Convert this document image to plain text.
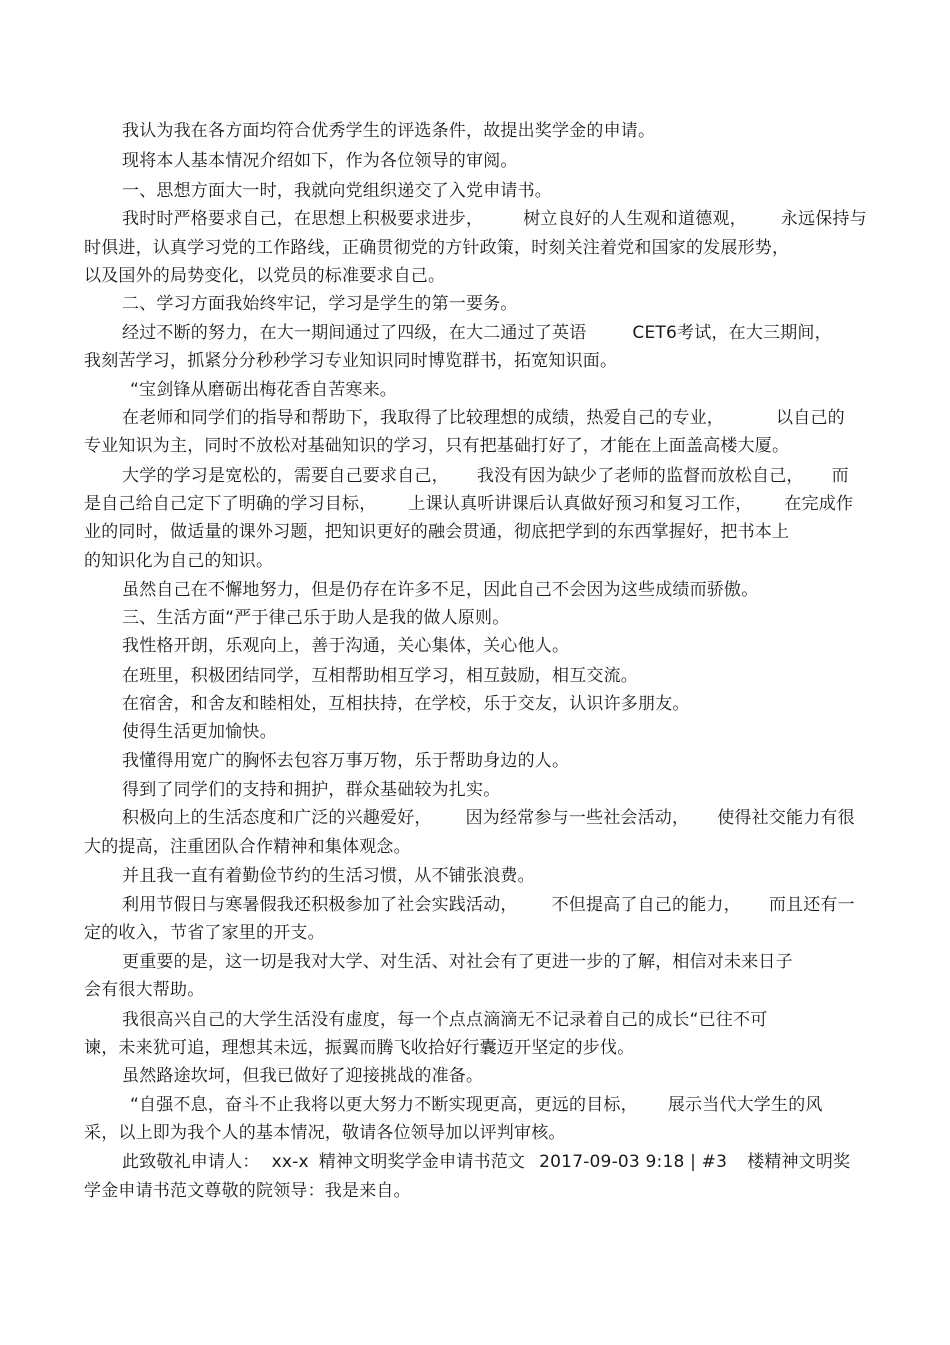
我认为我在各方面均符合优秀学生的评选条件，故提出奖学金的申请。
现将本人基本情况介绍如下，作为各位领导的审阅。
一、思想方面大一时，我就向党组织递交了入党申请书。
我时时严格要求自己，在思想上积极要求进步， 树立良好的人生观和道德观， 永远保持与
时俱进，认真学习党的工作路线，正确贯彻党的方针政策，时刻关注着党和国家的发展形势，
以及国外的局势变化，以党员的标准要求自己。
二、学习方面我始终牢记，学习是学生的第一要务。
经过不断的努力，在大一期间通过了四级，在大二通过了英语	CET6考试，在大三期间，
我刻苦学习，抓紧分分秒秒学习专业知识同时博览群书，拓宽知识面。
“宝剑锋从磨砺出梅花香自苦寒来。
在老师和同学们的指导和帮助下，我取得了比较理想的成绩，热爱自己的专业，	以自己的
专业知识为主，同时不放松对基础知识的学习，只有把基础打好了，才能在上面盖高楼大厦。
大学的学习是宽松的，需要自己要求自己， 我没有因为缺少了老师的监督而放松自己， 而
是自己给自己定下了明确的学习目标， 上课认真听讲课后认真做好预习和复习工作， 在完成作
业的同时，做适量的课外习题，把知识更好的融会贯通，彻底把学到的东西掌握好，把书本上
的知识化为自己的知识。
虽然自己在不懈地努力，但是仍存在许多不足，因此自己不会因为这些成绩而骄傲。
三、生活方面“严于律己乐于助人是我的做人原则。
我性格开朗，乐观向上，善于沟通，关心集体，关心他人。
在班里，积极团结同学，互相帮助相互学习，相互鼓励，相互交流。
在宿舍，和舍友和睦相处，互相扶持，在学校，乐于交友，认识许多朋友。
使得生活更加愉快。
我懂得用宽广的胸怀去包容万事万物，乐于帮助身边的人。
得到了同学们的支持和拥护，群众基础较为扎实。
积极向上的生活态度和广泛的兴趣爱好， 因为经常参与一些社会活动， 使得社交能力有很
大的提高，注重团队合作精神和集体观念。
并且我一直有着勤俭节约的生活习惯，从不铺张浪费。
利用节假日与寒暑假我还积极参加了社会实践活动， 不但提高了自己的能力， 而且还有一
定的收入，节省了家里的开支。
更重要的是，这一切是我对大学、对生活、对社会有了更进一步的了解，相信对未来日子
会有很大帮助。
我很高兴自己的大学生活没有虚度，每一个点点滴滴无不记录着自己的成长“已往不可
谏，未来犹可追，理想其未远，振翼而腾飞收拾好行囊迈开坚定的步伐。
虽然路途坎坷，但我已做好了迎接挑战的准备。
“自强不息，奋斗不止我将以更大努力不断实现更高，更远的目标， 展示当代大学生的风
采，以上即为我个人的基本情况，敬请各位领导加以评判审核。
此致敬礼申请人： xx-x 精神文明奖学金申请书范文 2017-09-03 9:18 | #3 楼精神文明奖
学金申请书范文尊敬的院领导：我是来自。
